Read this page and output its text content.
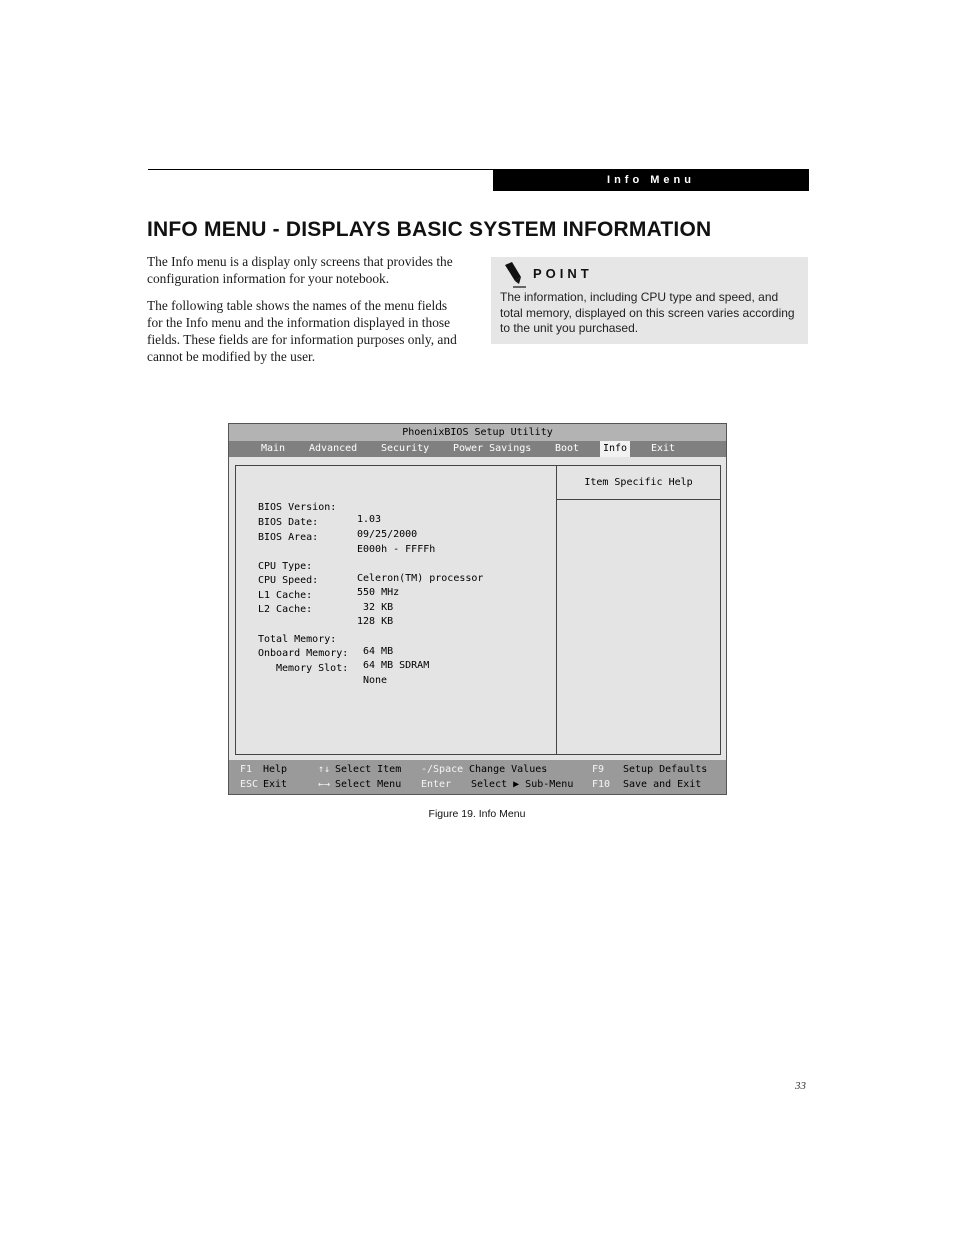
Info Menu
INFO MENU - DISPLAYS BASIC SYSTEM INFORMATION

The Info menu is a display only screens that provides the configuration information for your notebook.

The following table shows the names of the menu fields for the Info menu and the information displayed in those fields. These fields are for information purposes only, and cannot be modified by the user.

POINT
The information, including CPU type and speed, and total memory, displayed on this screen varies according to the unit you purchased.
PhoenixBIOS Setup Utility
Main Advanced Security Power Savings Boot	Info	Exit

BIOS Version:

1.03

BIOS Date:

09/25/2000

BIOS Area:

E000h - FFFFh

CPU Type:

Celeron(TM) processor

CPU Speed:

550 MHz

L1 Cache:

32 KB

L2 Cache:

128 KB

Total Memory:

64 MB

Onboard Memory:

64 MB SDRAM

Memory Slot:

None

Item Specific Help
F1 Help	↑↓ Select Item -/Space Change Values	F9 Setup Defaults
ESC Exit	←→ Select Menu Enter Select ▶ Sub-Menu F10 Save and Exit
Figure 19. Info Menu
33
